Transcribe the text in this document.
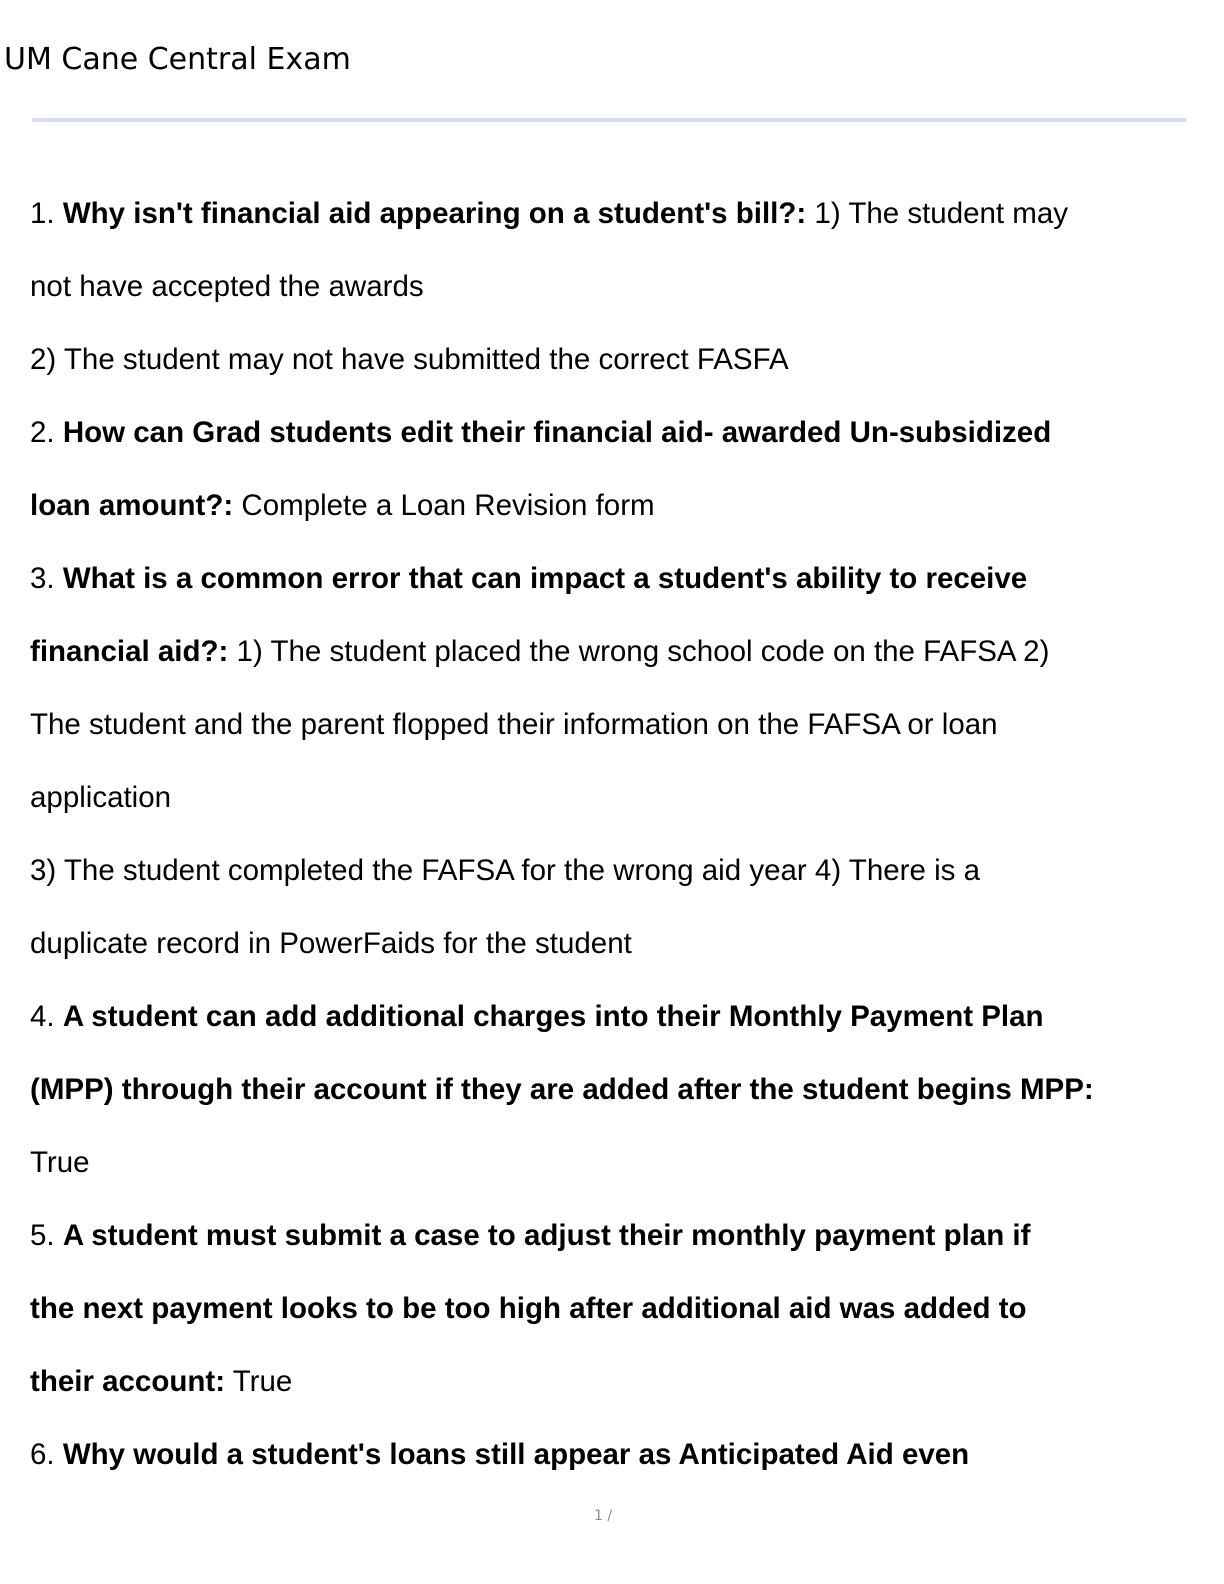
UM Cane Central Exam
1. Why isn't financial aid appearing on a student's bill?: 1) The student may
not have accepted the awards
2) The student may not have submitted the correct FASFA
2. How can Grad students edit their financial aid- awarded Un-subsidized
loan amount?: Complete a Loan Revision form
3. What is a common error that can impact a student's ability to receive
financial aid?: 1) The student placed the wrong school code on the FAFSA 2)
The student and the parent flopped their information on the FAFSA or loan
application
3) The student completed the FAFSA for the wrong aid year 4) There is a
duplicate record in PowerFaids for the student
4. A student can add additional charges into their Monthly Payment Plan
(MPP) through their account if they are added after the student begins MPP:
True
5. A student must submit a case to adjust their monthly payment plan if
the next payment looks to be too high after additional aid was added to
their account: True
6. Why would a student's loans still appear as Anticipated Aid even
1 /
